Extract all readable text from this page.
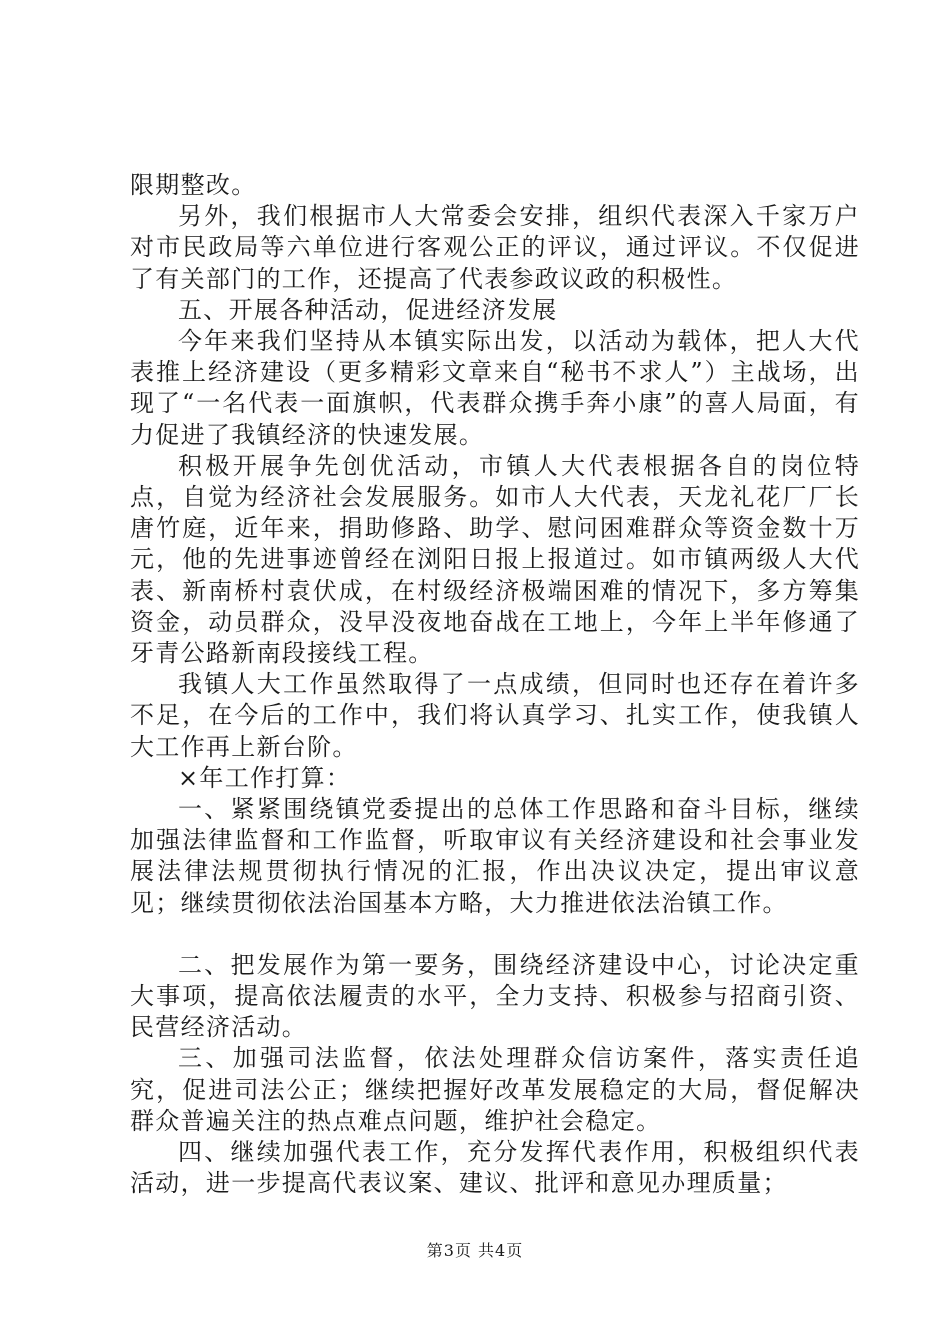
限期整改。

另外，我们根据市人大常委会安排，组织代表深入千家万户对市民政局等六单位进行客观公正的评议，通过评议。不仅促进了有关部门的工作，还提高了代表参政议政的积极性。

五、开展各种活动，促进经济发展

今年来我们坚持从本镇实际出发，以活动为载体，把人大代表推上经济建设（更多精彩文章来自“秘书不求人”）主战场，出现了“一名代表一面旗帜，代表群众携手奔小康”的喜人局面，有力促进了我镇经济的快速发展。

积极开展争先创优活动，市镇人大代表根据各自的岗位特点，自觉为经济社会发展服务。如市人大代表，天龙礼花厂厂长唐竹庭，近年来，捐助修路、助学、慰问困难群众等资金数十万元，他的先进事迹曾经在浏阳日报上报道过。如市镇两级人大代表、新南桥村袁伏成，在村级经济极端困难的情况下，多方筹集资金，动员群众，没早没夜地奋战在工地上，今年上半年修通了牙青公路新南段接线工程。

我镇人大工作虽然取得了一点成绩，但同时也还存在着许多不足，在今后的工作中，我们将认真学习、扎实工作，使我镇人大工作再上新台阶。

×年工作打算：

一、紧紧围绕镇党委提出的总体工作思路和奋斗目标，继续加强法律监督和工作监督，听取审议有关经济建设和社会事业发展法律法规贯彻执行情况的汇报，作出决议决定，提出审议意见；继续贯彻依法治国基本方略，大力推进依法治镇工作。

二、把发展作为第一要务，围绕经济建设中心，讨论决定重大事项，提高依法履责的水平，全力支持、积极参与招商引资、民营经济活动。

三、加强司法监督，依法处理群众信访案件，落实责任追究，促进司法公正；继续把握好改革发展稳定的大局，督促解决群众普遍关注的热点难点问题，维护社会稳定。

四、继续加强代表工作，充分发挥代表作用，积极组织代表活动，进一步提高代表议案、建议、批评和意见办理质量；

第3页 共4页
